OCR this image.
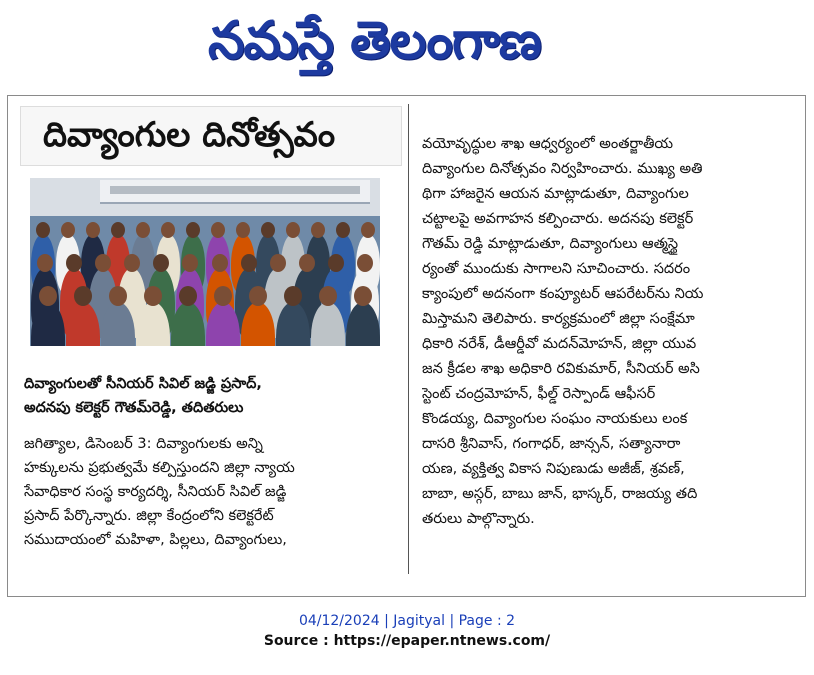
నమస్తే తెలంగాణ
దివ్యాంగుల దినోత్సవం
దివ్యాంగులతో సీనియర్ సివిల్ జడ్జి ప్రసాద్,
అదనపు కలెక్టర్ గౌతమ్‌రెడ్డి, తదితరులు
జగిత్యాల, డిసెంబర్ 3: దివ్యాంగులకు అన్ని
హక్కులను ప్రభుత్వమే కల్పిస్తుందని జిల్లా న్యాయ
సేవాధికార సంస్థ కార్యదర్శి, సీనియర్ సివిల్ జడ్జి
ప్రసాద్ పేర్కొన్నారు. జిల్లా కేంద్రంలోని కలెక్టరేట్
సముదాయంలో మహిళా, పిల్లలు, దివ్యాంగులు,
వయోవృద్ధుల శాఖ ఆధ్వర్యంలో అంతర్జాతీయ
దివ్యాంగుల దినోత్సవం నిర్వహించారు. ముఖ్య అతి
థిగా హాజరైన ఆయన మాట్లాడుతూ, దివ్యాంగుల
చట్టాలపై అవగాహన కల్పించారు. అదనపు కలెక్టర్
గౌతమ్ రెడ్డి మాట్లాడుతూ, దివ్యాంగులు ఆత్మస్థై
ర్యంతో ముందుకు సాగాలని సూచించారు. సదరం
క్యాంపులో అదనంగా కంప్యూటర్ ఆపరేటర్‌ను నియ
మిస్తామని తెలిపారు. కార్యక్రమంలో జిల్లా సంక్షేమా
ధికారి నరేశ్, డీఆర్డీవో మదన్‌మోహన్, జిల్లా యువ
జన క్రీడల శాఖ అధికారి రవికుమార్, సీనియర్ అసి
స్టెంట్ చంద్రమోహన్, ఫీల్డ్ రెస్పాండ్ ఆఫీసర్
కొండయ్య, దివ్యాంగుల సంఘం నాయకులు లంక
దాసరి శ్రీనివాస్, గంగాధర్, జాన్సన్, సత్యానారా
యణ, వ్యక్తిత్వ వికాస నిపుణుడు అజీజ్, శ్రవణ్,
బాబా, అస్గర్, బాబు జాన్, భాస్కర్, రాజయ్య తది
తరులు పాల్గొన్నారు.
04/12/2024 | Jagityal | Page : 2
Source : https://epaper.ntnews.com/
